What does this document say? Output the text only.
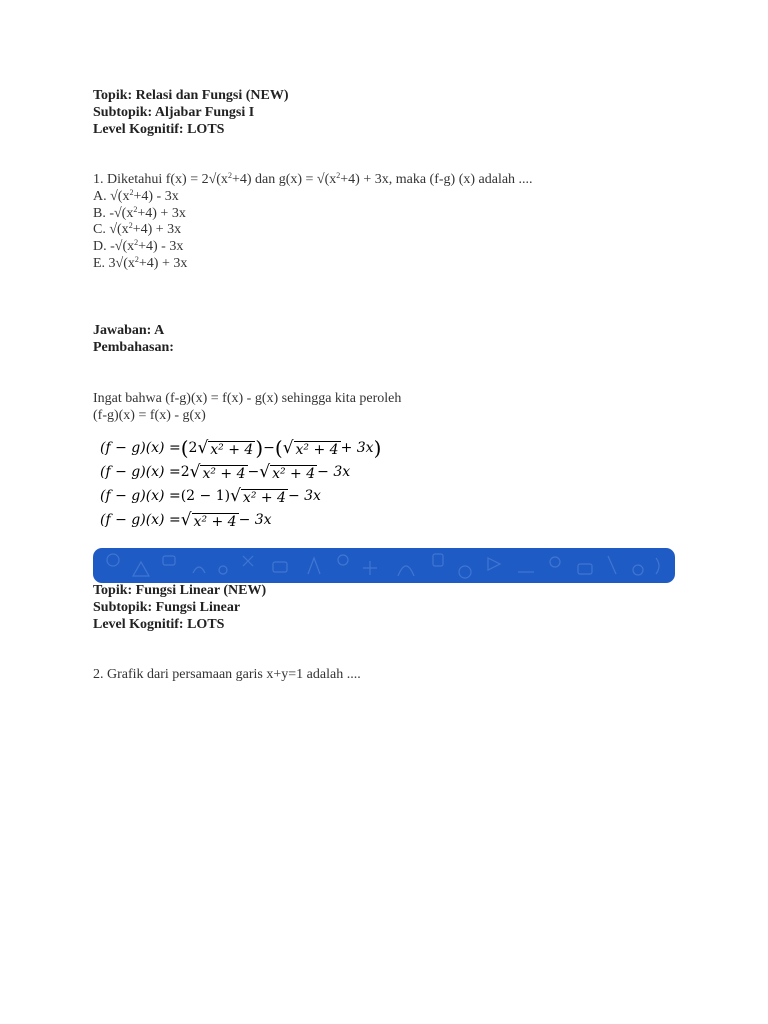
Topik: Relasi dan Fungsi (NEW)
Subtopik: Aljabar Fungsi I
Level Kognitif: LOTS
1. Diketahui $f(x) = 2√(x^2+4)$ dan $g(x) = √(x^2+4) + 3x$, maka (f-g) (x) adalah ....
A. $√(x^2+4) - 3x$
B. $-√(x^2+4) + 3x$
C. $√(x^2+4) + 3x$
D. $-√(x^2+4) - 3x$
E. $3√(x^2+4) + 3x$
Jawaban: A
Pembahasan:
Ingat bahwa (f-g)(x) = f(x) - g(x) sehingga kita peroleh
(f-g)(x) = f(x) - g(x)
(f − g)(x) = ( 2 √ x² + 4 ) − ( √ x² + 4 + 3x )
(f − g)(x) = 2 √ x² + 4 − √ x² + 4 − 3x
(f − g)(x) = (2 − 1) √ x² + 4 − 3x
(f − g)(x) = √ x² + 4 − 3x
Topik: Fungsi Linear (NEW)
Subtopik: Fungsi Linear
Level Kognitif: LOTS
2. Grafik dari persamaan garis x+y=1 adalah ....
